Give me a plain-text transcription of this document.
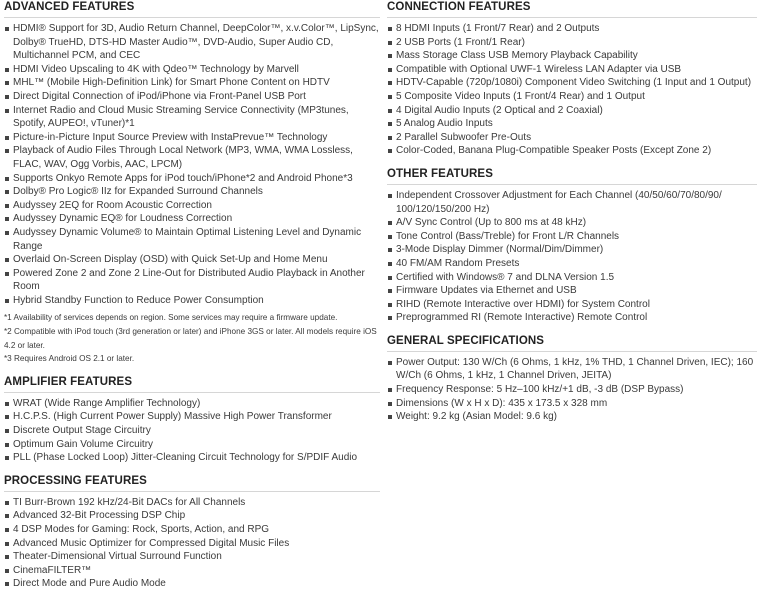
ADVANCED FEATURES
HDMI® Support for 3D, Audio Return Channel, DeepColor™, x.v.Color™, LipSync, Dolby® TrueHD, DTS-HD Master Audio™, DVD-Audio, Super Audio CD, Multichannel PCM, and CEC
HDMI Video Upscaling to 4K with Qdeo™ Technology by Marvell
MHL™ (Mobile High-Definition Link) for Smart Phone Content on HDTV
Direct Digital Connection of iPod/iPhone via Front-Panel USB Port
Internet Radio and Cloud Music Streaming Service Connectivity (MP3tunes, Spotify, AUPEO!, vTuner)*1
Picture-in-Picture Input Source Preview with InstaPrevue™ Technology
Playback of Audio Files Through Local Network (MP3, WMA, WMA Lossless, FLAC, WAV, Ogg Vorbis, AAC, LPCM)
Supports Onkyo Remote Apps for iPod touch/iPhone*2 and Android Phone*3
Dolby® Pro Logic® IIz for Expanded Surround Channels
Audyssey 2EQ for Room Acoustic Correction
Audyssey Dynamic EQ® for Loudness Correction
Audyssey Dynamic Volume® to Maintain Optimal Listening Level and Dynamic Range
Overlaid On-Screen Display (OSD) with Quick Set-Up and Home Menu
Powered Zone 2 and Zone 2 Line-Out for Distributed Audio Playback in Another Room
Hybrid Standby Function to Reduce Power Consumption
*1 Availability of services depends on region. Some services may require a firmware update.
*2 Compatible with iPod touch (3rd generation or later) and iPhone 3GS or later. All models require iOS 4.2 or later.
*3 Requires Android OS 2.1 or later.
AMPLIFIER FEATURES
WRAT (Wide Range Amplifier Technology)
H.C.P.S. (High Current Power Supply) Massive High Power Transformer
Discrete Output Stage Circuitry
Optimum Gain Volume Circuitry
PLL (Phase Locked Loop) Jitter-Cleaning Circuit Technology for S/PDIF Audio
PROCESSING FEATURES
TI Burr-Brown 192 kHz/24-Bit DACs for All Channels
Advanced 32-Bit Processing DSP Chip
4 DSP Modes for Gaming: Rock, Sports, Action, and RPG
Advanced Music Optimizer for Compressed Digital Music Files
Theater-Dimensional Virtual Surround Function
CinemaFILTER™
Direct Mode and Pure Audio Mode
CONNECTION FEATURES
8 HDMI Inputs (1 Front/7 Rear) and 2 Outputs
2 USB Ports (1 Front/1 Rear)
Mass Storage Class USB Memory Playback Capability
Compatible with Optional UWF-1 Wireless LAN Adapter via USB
HDTV-Capable (720p/1080i) Component Video Switching (1 Input and 1 Output)
5 Composite Video Inputs (1 Front/4 Rear) and 1 Output
4 Digital Audio Inputs (2 Optical and 2 Coaxial)
5 Analog Audio Inputs
2 Parallel Subwoofer Pre-Outs
Color-Coded, Banana Plug-Compatible Speaker Posts (Except Zone 2)
OTHER FEATURES
Independent Crossover Adjustment for Each Channel (40/50/60/70/80/90/ 100/120/150/200 Hz)
A/V Sync Control (Up to 800 ms at 48 kHz)
Tone Control (Bass/Treble) for Front L/R Channels
3-Mode Display Dimmer (Normal/Dim/Dimmer)
40 FM/AM Random Presets
Certified with Windows® 7 and DLNA Version 1.5
Firmware Updates via Ethernet and USB
RIHD (Remote Interactive over HDMI) for System Control
Preprogrammed RI (Remote Interactive) Remote Control
GENERAL SPECIFICATIONS
Power Output: 130 W/Ch (6 Ohms, 1 kHz, 1% THD, 1 Channel Driven, IEC); 160 W/Ch (6 Ohms, 1 kHz, 1 Channel Driven, JEITA)
Frequency Response: 5 Hz–100 kHz/+1 dB, -3 dB (DSP Bypass)
Dimensions (W x H x D): 435 x 173.5 x 328 mm
Weight: 9.2 kg (Asian Model: 9.6 kg)
